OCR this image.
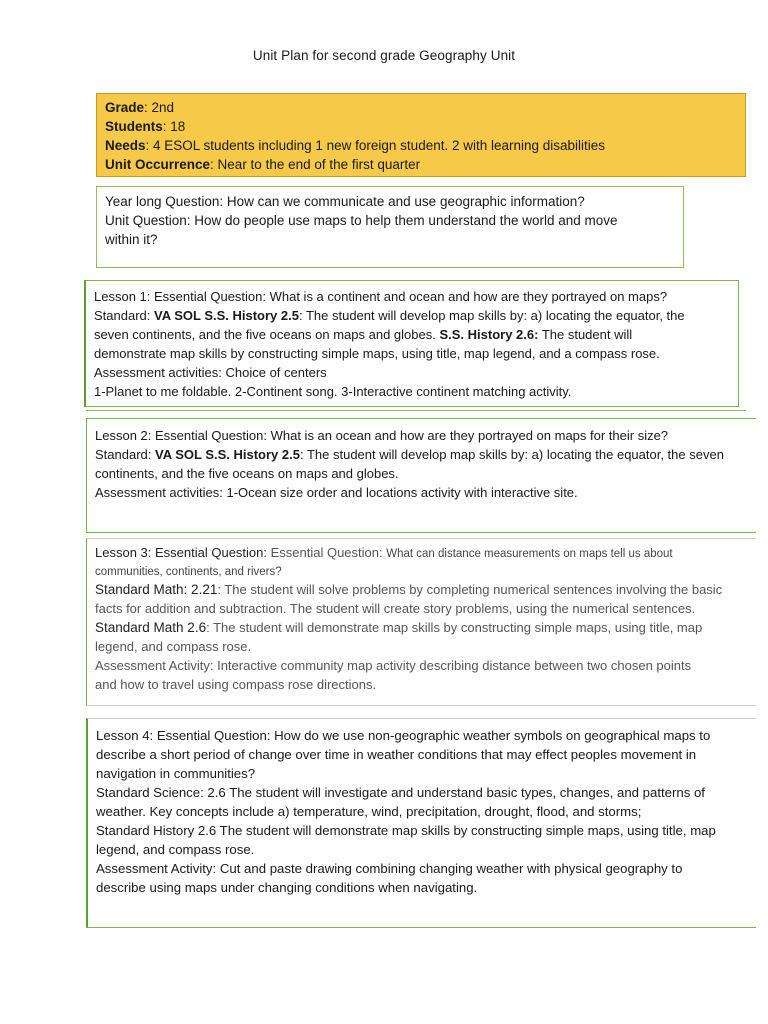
Unit Plan for second grade Geography Unit
Grade: 2nd
Students: 18
Needs: 4 ESOL students including 1 new foreign student. 2 with learning disabilities
Unit Occurrence: Near to the end of the first quarter
Year long Question: How can we communicate and use geographic information?
Unit Question: How do people use maps to help them understand the world and move
within it?
Lesson 1: Essential Question: What is a continent and ocean and how are they portrayed on maps?
Standard: VA SOL S.S. History 2.5: The student will develop map skills by: a) locating the equator, the
seven continents, and the five oceans on maps and globes. S.S. History 2.6: The student will
demonstrate map skills by constructing simple maps, using title, map legend, and a compass rose.
Assessment activities: Choice of centers
1-Planet to me foldable. 2-Continent song. 3-Interactive continent matching activity.
Lesson 2: Essential Question: What is an ocean and how are they portrayed on maps for their size?
Standard: VA SOL S.S. History 2.5: The student will develop map skills by: a) locating the equator, the seven
continents, and the five oceans on maps and globes.
Assessment activities: 1-Ocean size order and locations activity with interactive site.
Lesson 3: Essential Question: Essential Question: What can distance measurements on maps tell us about
communities, continents, and rivers?
Standard Math: 2.21: The student will solve problems by completing numerical sentences involving the basic
facts for addition and subtraction. The student will create story problems, using the numerical sentences.
Standard Math 2.6: The student will demonstrate map skills by constructing simple maps, using title, map
legend, and compass rose.
Assessment Activity: Interactive community map activity describing distance between two chosen points
and how to travel using compass rose directions.
Lesson 4: Essential Question: How do we use non-geographic weather symbols on geographical maps to
describe a short period of change over time in weather conditions that may effect peoples movement in
navigation in communities?
Standard Science: 2.6 The student will investigate and understand basic types, changes, and patterns of
weather. Key concepts include a) temperature, wind, precipitation, drought, flood, and storms;
Standard History 2.6 The student will demonstrate map skills by constructing simple maps, using title, map
legend, and compass rose.
Assessment Activity: Cut and paste drawing combining changing weather with physical geography to
describe using maps under changing conditions when navigating.
